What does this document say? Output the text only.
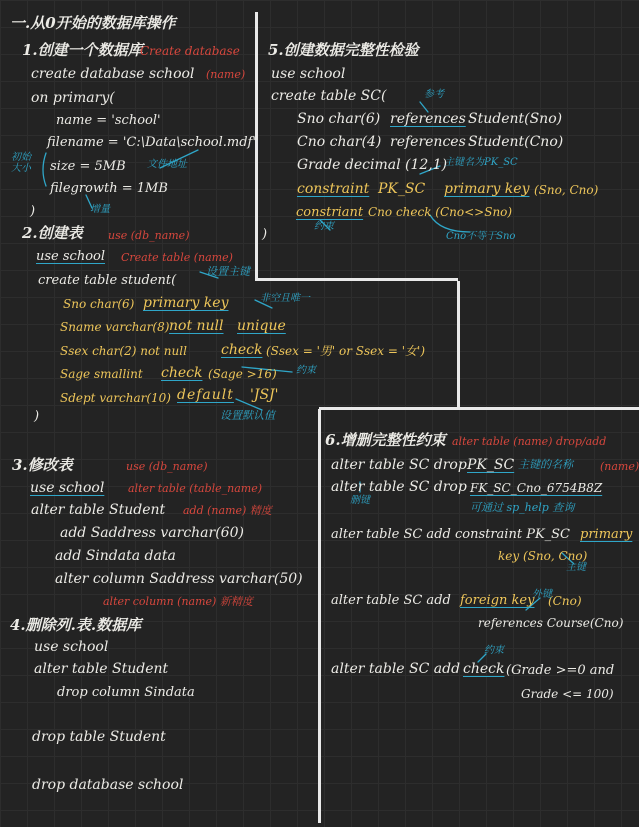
一.从0开始的数据库操作
1.创建一个数据库
Create database
create database school (name)
on primary(
name = 'school'
filename = 'C:\Data\school.mdf'
文件地址
size = 5MB
初始大小
filegrowth = 1MB
增量
)
2.创建表 use (db_name)	)
use school Create table (name)
create table student(
设置主键
Sno char(6) primary key	非空且唯一
Sname varchar(8) not null unique
Ssex char(2) not null check (Ssex = '男' or Ssex = '女')
Sage smallint check (Sage >16) 约束
Sdept varchar(10) default 'JSJ'
设置默认值
)
3.修改表	use (db_name)
use school alter table (table_name)
alter table Student add (name) 精度
add Saddress varchar(60)
add Sindata data
alter column Saddress varchar(50)
alter column (name) 新精度
4.删除列.表.数据库
use school
alter table Student
drop column Sindata
drop table Student
drop database school
5.创建数据完整性检验
use school
create table SC(	参考
Sno char(6) references Student(Sno)
Cno char(4) references Student(Cno)
Grade decimal (12,1)
主键名为PK_SC
constraint PK_SC primary key (Sno, Cno)
constriant Cno check (Cno<>Sno)
约束
Cno不等于Sno
6.增删完整性约束 alter table (name) drop/add
alter table SC drop PK_SC 主键的名称 (name)
alter table SC drop FK_SC_Cno_6754B8Z
删键
可通过 sp_help 查询
alter table SC add constraint PK_SC primary
key (Sno, Cno)
主键
alter table SC add foreign key (Cno)
外键
references Course(Cno)
alter table SC add check (Grade >=0 and
约束
Grade <= 100)
